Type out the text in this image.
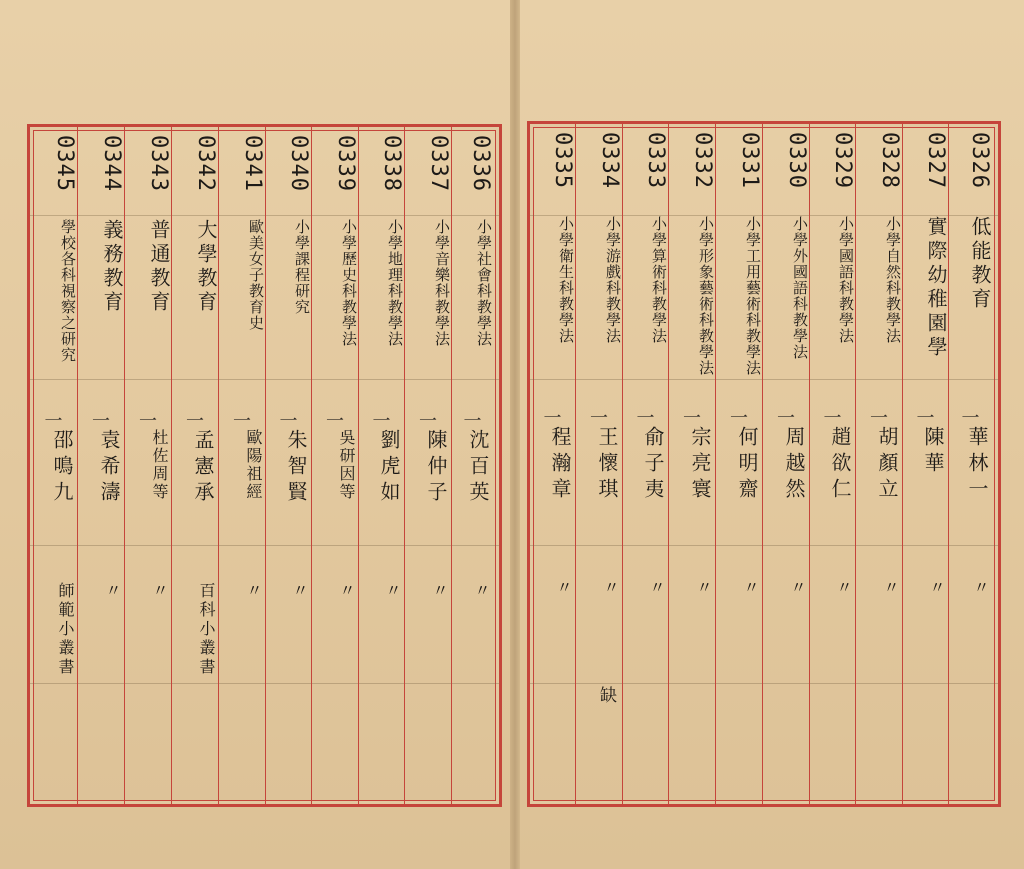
0345
學校各科視察之研究
一
邵鳴九
師範小叢書
0344
義務教育
一
袁希濤
〃
0343
普通教育
一
杜佐周等
〃
0342
大學教育
一
孟憲承
百科小叢書
0341
歐美女子教育史
一
歐陽祖經
〃
0340
小學課程研究
一
朱智賢
〃
0339
小學歷史科教學法
一
吳研因等
〃
0338
小學地理科教學法
一
劉虎如
〃
0337
小學音樂科教學法
一
陳仲子
〃
0336
小學社會科教學法
一
沈百英
〃
0335
小學衛生科教學法
一
程瀚章
〃
0334
小學游戲科教學法
一
王懷琪
〃
缺
0333
小學算術科教學法
一
俞子夷
〃
0332
小學形象藝術科教學法
一
宗亮寰
〃
0331
小學工用藝術科教學法
一
何明齋
〃
0330
小學外國語科教學法
一
周越然
〃
0329
小學國語科教學法
一
趙欲仁
〃
0328
小學自然科教學法
一
胡顏立
〃
0327
實際幼稚園學
一
陳華
〃
0326
低能教育
一
華林一
〃
